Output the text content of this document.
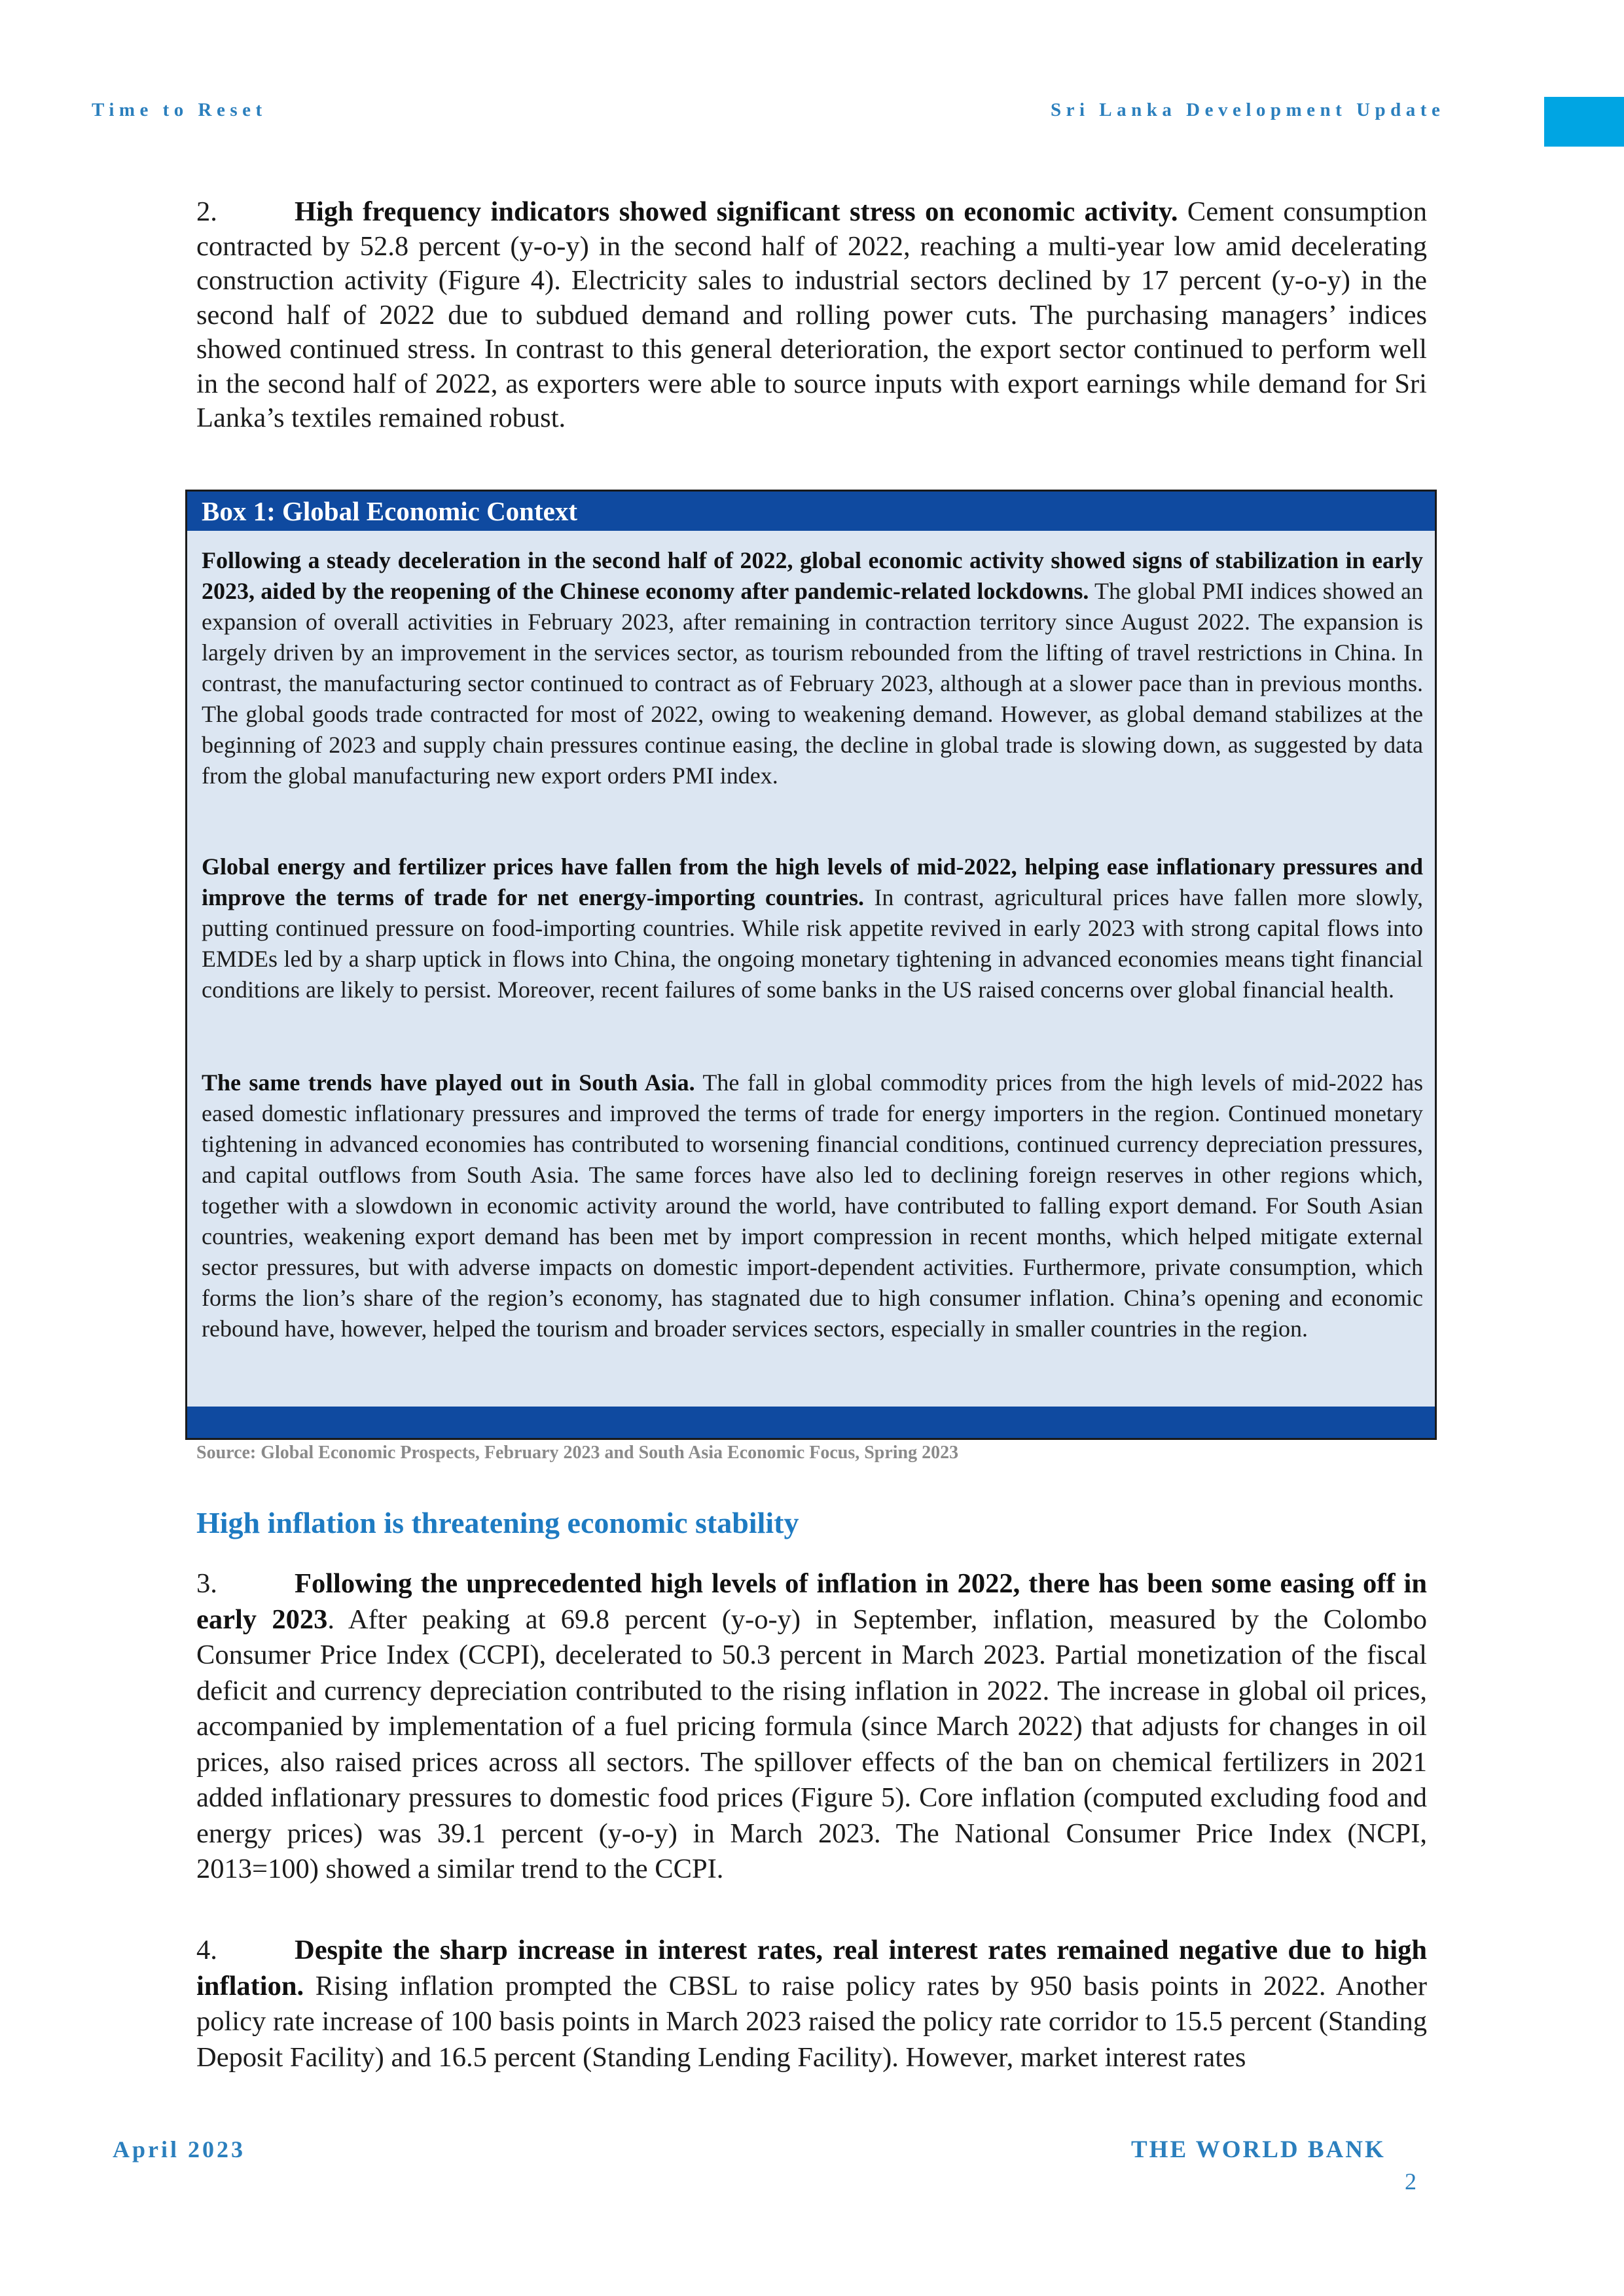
Time to Reset	Sri Lanka Development Update
2.	High frequency indicators showed significant stress on economic activity. Cement consumption contracted by 52.8 percent (y-o-y) in the second half of 2022, reaching a multi-year low amid decelerating construction activity (Figure 4). Electricity sales to industrial sectors declined by 17 percent (y-o-y) in the second half of 2022 due to subdued demand and rolling power cuts. The purchasing managers’ indices showed continued stress. In contrast to this general deterioration, the export sector continued to perform well in the second half of 2022, as exporters were able to source inputs with export earnings while demand for Sri Lanka’s textiles remained robust.
Box 1: Global Economic Context
Following a steady deceleration in the second half of 2022, global economic activity showed signs of stabilization in early 2023, aided by the reopening of the Chinese economy after pandemic-related lockdowns. The global PMI indices showed an expansion of overall activities in February 2023, after remaining in contraction territory since August 2022. The expansion is largely driven by an improvement in the services sector, as tourism rebounded from the lifting of travel restrictions in China. In contrast, the manufacturing sector continued to contract as of February 2023, although at a slower pace than in previous months. The global goods trade contracted for most of 2022, owing to weakening demand. However, as global demand stabilizes at the beginning of 2023 and supply chain pressures continue easing, the decline in global trade is slowing down, as suggested by data from the global manufacturing new export orders PMI index.
Global energy and fertilizer prices have fallen from the high levels of mid-2022, helping ease inflationary pressures and improve the terms of trade for net energy-importing countries. In contrast, agricultural prices have fallen more slowly, putting continued pressure on food-importing countries. While risk appetite revived in early 2023 with strong capital flows into EMDEs led by a sharp uptick in flows into China, the ongoing monetary tightening in advanced economies means tight financial conditions are likely to persist. Moreover, recent failures of some banks in the US raised concerns over global financial health.
The same trends have played out in South Asia. The fall in global commodity prices from the high levels of mid-2022 has eased domestic inflationary pressures and improved the terms of trade for energy importers in the region. Continued monetary tightening in advanced economies has contributed to worsening financial conditions, continued currency depreciation pressures, and capital outflows from South Asia. The same forces have also led to declining foreign reserves in other regions which, together with a slowdown in economic activity around the world, have contributed to falling export demand. For South Asian countries, weakening export demand has been met by import compression in recent months, which helped mitigate external sector pressures, but with adverse impacts on domestic import-dependent activities. Furthermore, private consumption, which forms the lion’s share of the region’s economy, has stagnated due to high consumer inflation. China’s opening and economic rebound have, however, helped the tourism and broader services sectors, especially in smaller countries in the region.
Source: Global Economic Prospects, February 2023 and South Asia Economic Focus, Spring 2023
High inflation is threatening economic stability
3.	Following the unprecedented high levels of inflation in 2022, there has been some easing off in early 2023. After peaking at 69.8 percent (y-o-y) in September, inflation, measured by the Colombo Consumer Price Index (CCPI), decelerated to 50.3 percent in March 2023. Partial monetization of the fiscal deficit and currency depreciation contributed to the rising inflation in 2022. The increase in global oil prices, accompanied by implementation of a fuel pricing formula (since March 2022) that adjusts for changes in oil prices, also raised prices across all sectors. The spillover effects of the ban on chemical fertilizers in 2021 added inflationary pressures to domestic food prices (Figure 5). Core inflation (computed excluding food and energy prices) was 39.1 percent (y-o-y) in March 2023. The National Consumer Price Index (NCPI, 2013=100) showed a similar trend to the CCPI.
4.	Despite the sharp increase in interest rates, real interest rates remained negative due to high inflation. Rising inflation prompted the CBSL to raise policy rates by 950 basis points in 2022. Another policy rate increase of 100 basis points in March 2023 raised the policy rate corridor to 15.5 percent (Standing Deposit Facility) and 16.5 percent (Standing Lending Facility). However, market interest rates
April 2023	THE WORLD BANK
2
